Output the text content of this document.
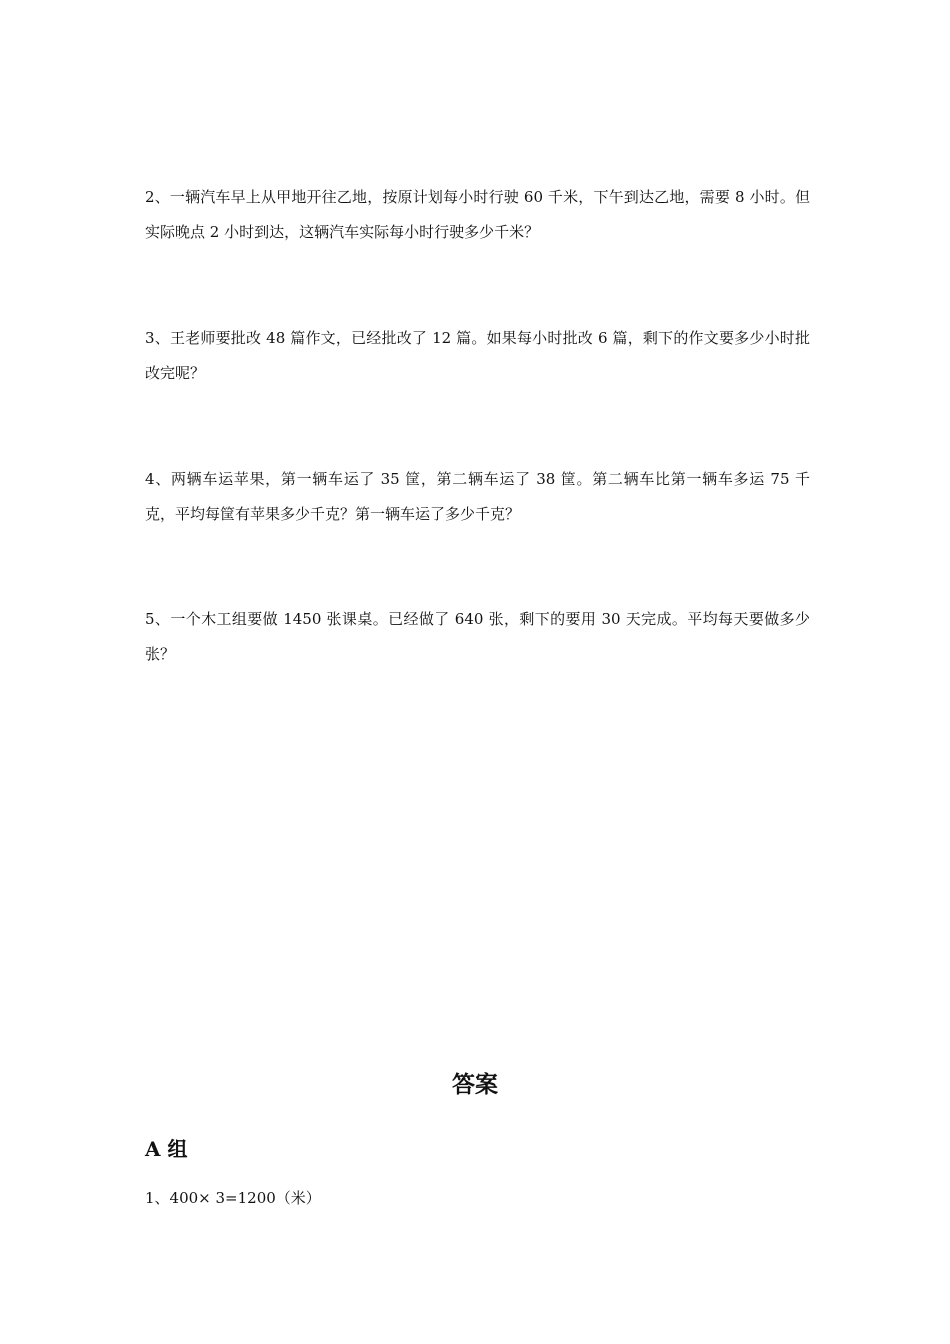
2、一辆汽车早上从甲地开往乙地，按原计划每小时行驶 60 千米，下午到达乙地，需要 8 小时。但实际晚点 2 小时到达，这辆汽车实际每小时行驶多少千米？

3、王老师要批改 48 篇作文，已经批改了 12 篇。如果每小时批改 6 篇，剩下的作文要多少小时批改完呢？

4、两辆车运苹果，第一辆车运了 35 筐，第二辆车运了 38 筐。第二辆车比第一辆车多运 75 千克，平均每筐有苹果多少千克？第一辆车运了多少千克？

5、一个木工组要做 1450 张课桌。已经做了 640 张，剩下的要用 30 天完成。平均每天要做多少张？

答案
A 组

1、400× 3=1200（米）
